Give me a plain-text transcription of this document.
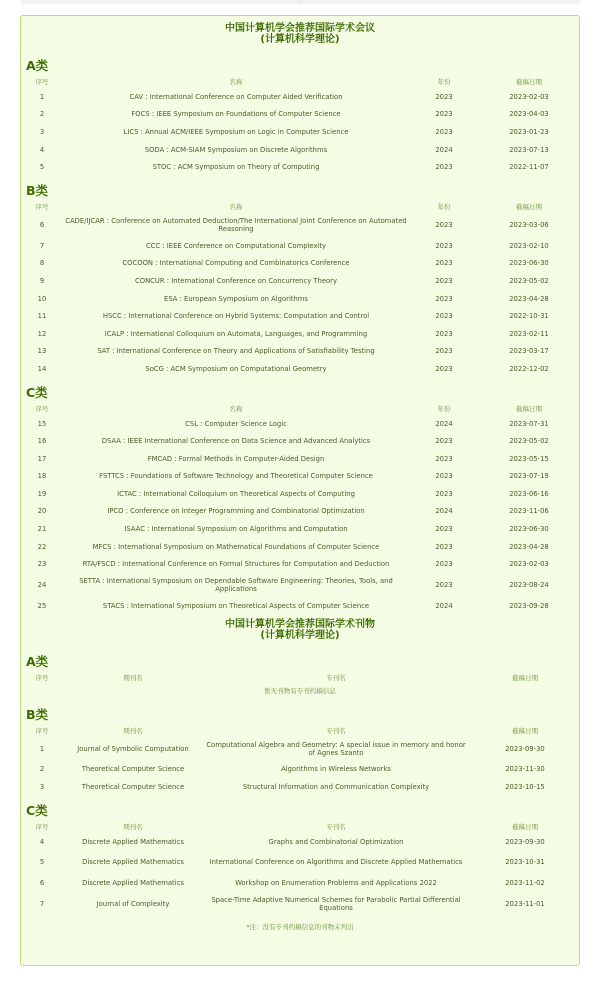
中国计算机学会推荐国际学术会议
(计算机科学理论)
A类
序号	名称	年份	截稿日期
1	CAV : International Conference on Computer Aided Verification	2023	2023-02-03
2	FOCS : IEEE Symposium on Foundations of Computer Science	2023	2023-04-03
3	LICS : Annual ACM/IEEE Symposium on Logic in Computer Science	2023	2023-01-23
4	SODA : ACM-SIAM Symposium on Discrete Algorithms	2024	2023-07-13
5	STOC : ACM Symposium on Theory of Computing	2023	2022-11-07
B类
序号	名称	年份	截稿日期
6	CADE/IJCAR : Conference on Automated Deduction/The International Joint Conference on Automated Reasoning	2023	2023-03-06
7	CCC : IEEE Conference on Computational Complexity	2023	2023-02-10
8	COCOON : International Computing and Combinatorics Conference	2023	2023-06-30
9	CONCUR : International Conference on Concurrency Theory	2023	2023-05-02
10	ESA : European Symposium on Algorithms	2023	2023-04-28
11	HSCC : International Conference on Hybrid Systems: Computation and Control	2023	2022-10-31
12	ICALP : International Colloquium on Automata, Languages, and Programming	2023	2023-02-11
13	SAT : International Conference on Theory and Applications of Satisfiability Testing	2023	2023-03-17
14	SoCG : ACM Symposium on Computational Geometry	2023	2022-12-02
C类
序号	名称	年份	截稿日期
15	CSL : Computer Science Logic	2024	2023-07-31
16	DSAA : IEEE International Conference on Data Science and Advanced Analytics	2023	2023-05-02
17	FMCAD : Formal Methods in Computer-Aided Design	2023	2023-05-15
18	FSTTCS : Foundations of Software Technology and Theoretical Computer Science	2023	2023-07-19
19	ICTAC : International Colloquium on Theoretical Aspects of Computing	2023	2023-06-16
20	IPCO : Conference on Integer Programming and Combinatorial Optimization	2024	2023-11-06
21	ISAAC : International Symposium on Algorithms and Computation	2023	2023-06-30
22	MFCS : International Symposium on Mathematical Foundations of Computer Science	2023	2023-04-28
23	RTA/FSCD : International Conference on Formal Structures for Computation and Deduction	2023	2023-02-03
24	SETTA : International Symposium on Dependable Software Engineering: Theories, Tools, and Applications	2023	2023-08-24
25	STACS : International Symposium on Theoretical Aspects of Computer Science	2024	2023-09-28
中国计算机学会推荐国际学术刊物
(计算机科学理论)
A类
序号	期刊名	专刊名	截稿日期
暂无刊物有专刊约稿信息
B类
序号	期刊名	专刊名	截稿日期
1	Journal of Symbolic Computation	Computational Algebra and Geometry: A special issue in memory and honor of Agnes Szanto	2023-09-30
2	Theoretical Computer Science	Algorithms in Wireless Networks	2023-11-30
3	Theoretical Computer Science	Structural Information and Communication Complexity	2023-10-15
C类
序号	期刊名	专刊名	截稿日期
4	Discrete Applied Mathematics	Graphs and Combinatorial Optimization	2023-09-30
5	Discrete Applied Mathematics	International Conference on Algorithms and Discrete Applied Mathematics	2023-10-31
6	Discrete Applied Mathematics	Workshop on Enumeration Problems and Applications 2022	2023-11-02
7	Journal of Complexity	Space-Time Adaptive Numerical Schemes for Parabolic Partial Differential Equations	2023-11-01
*注：没有专刊约稿信息的刊物未列出
